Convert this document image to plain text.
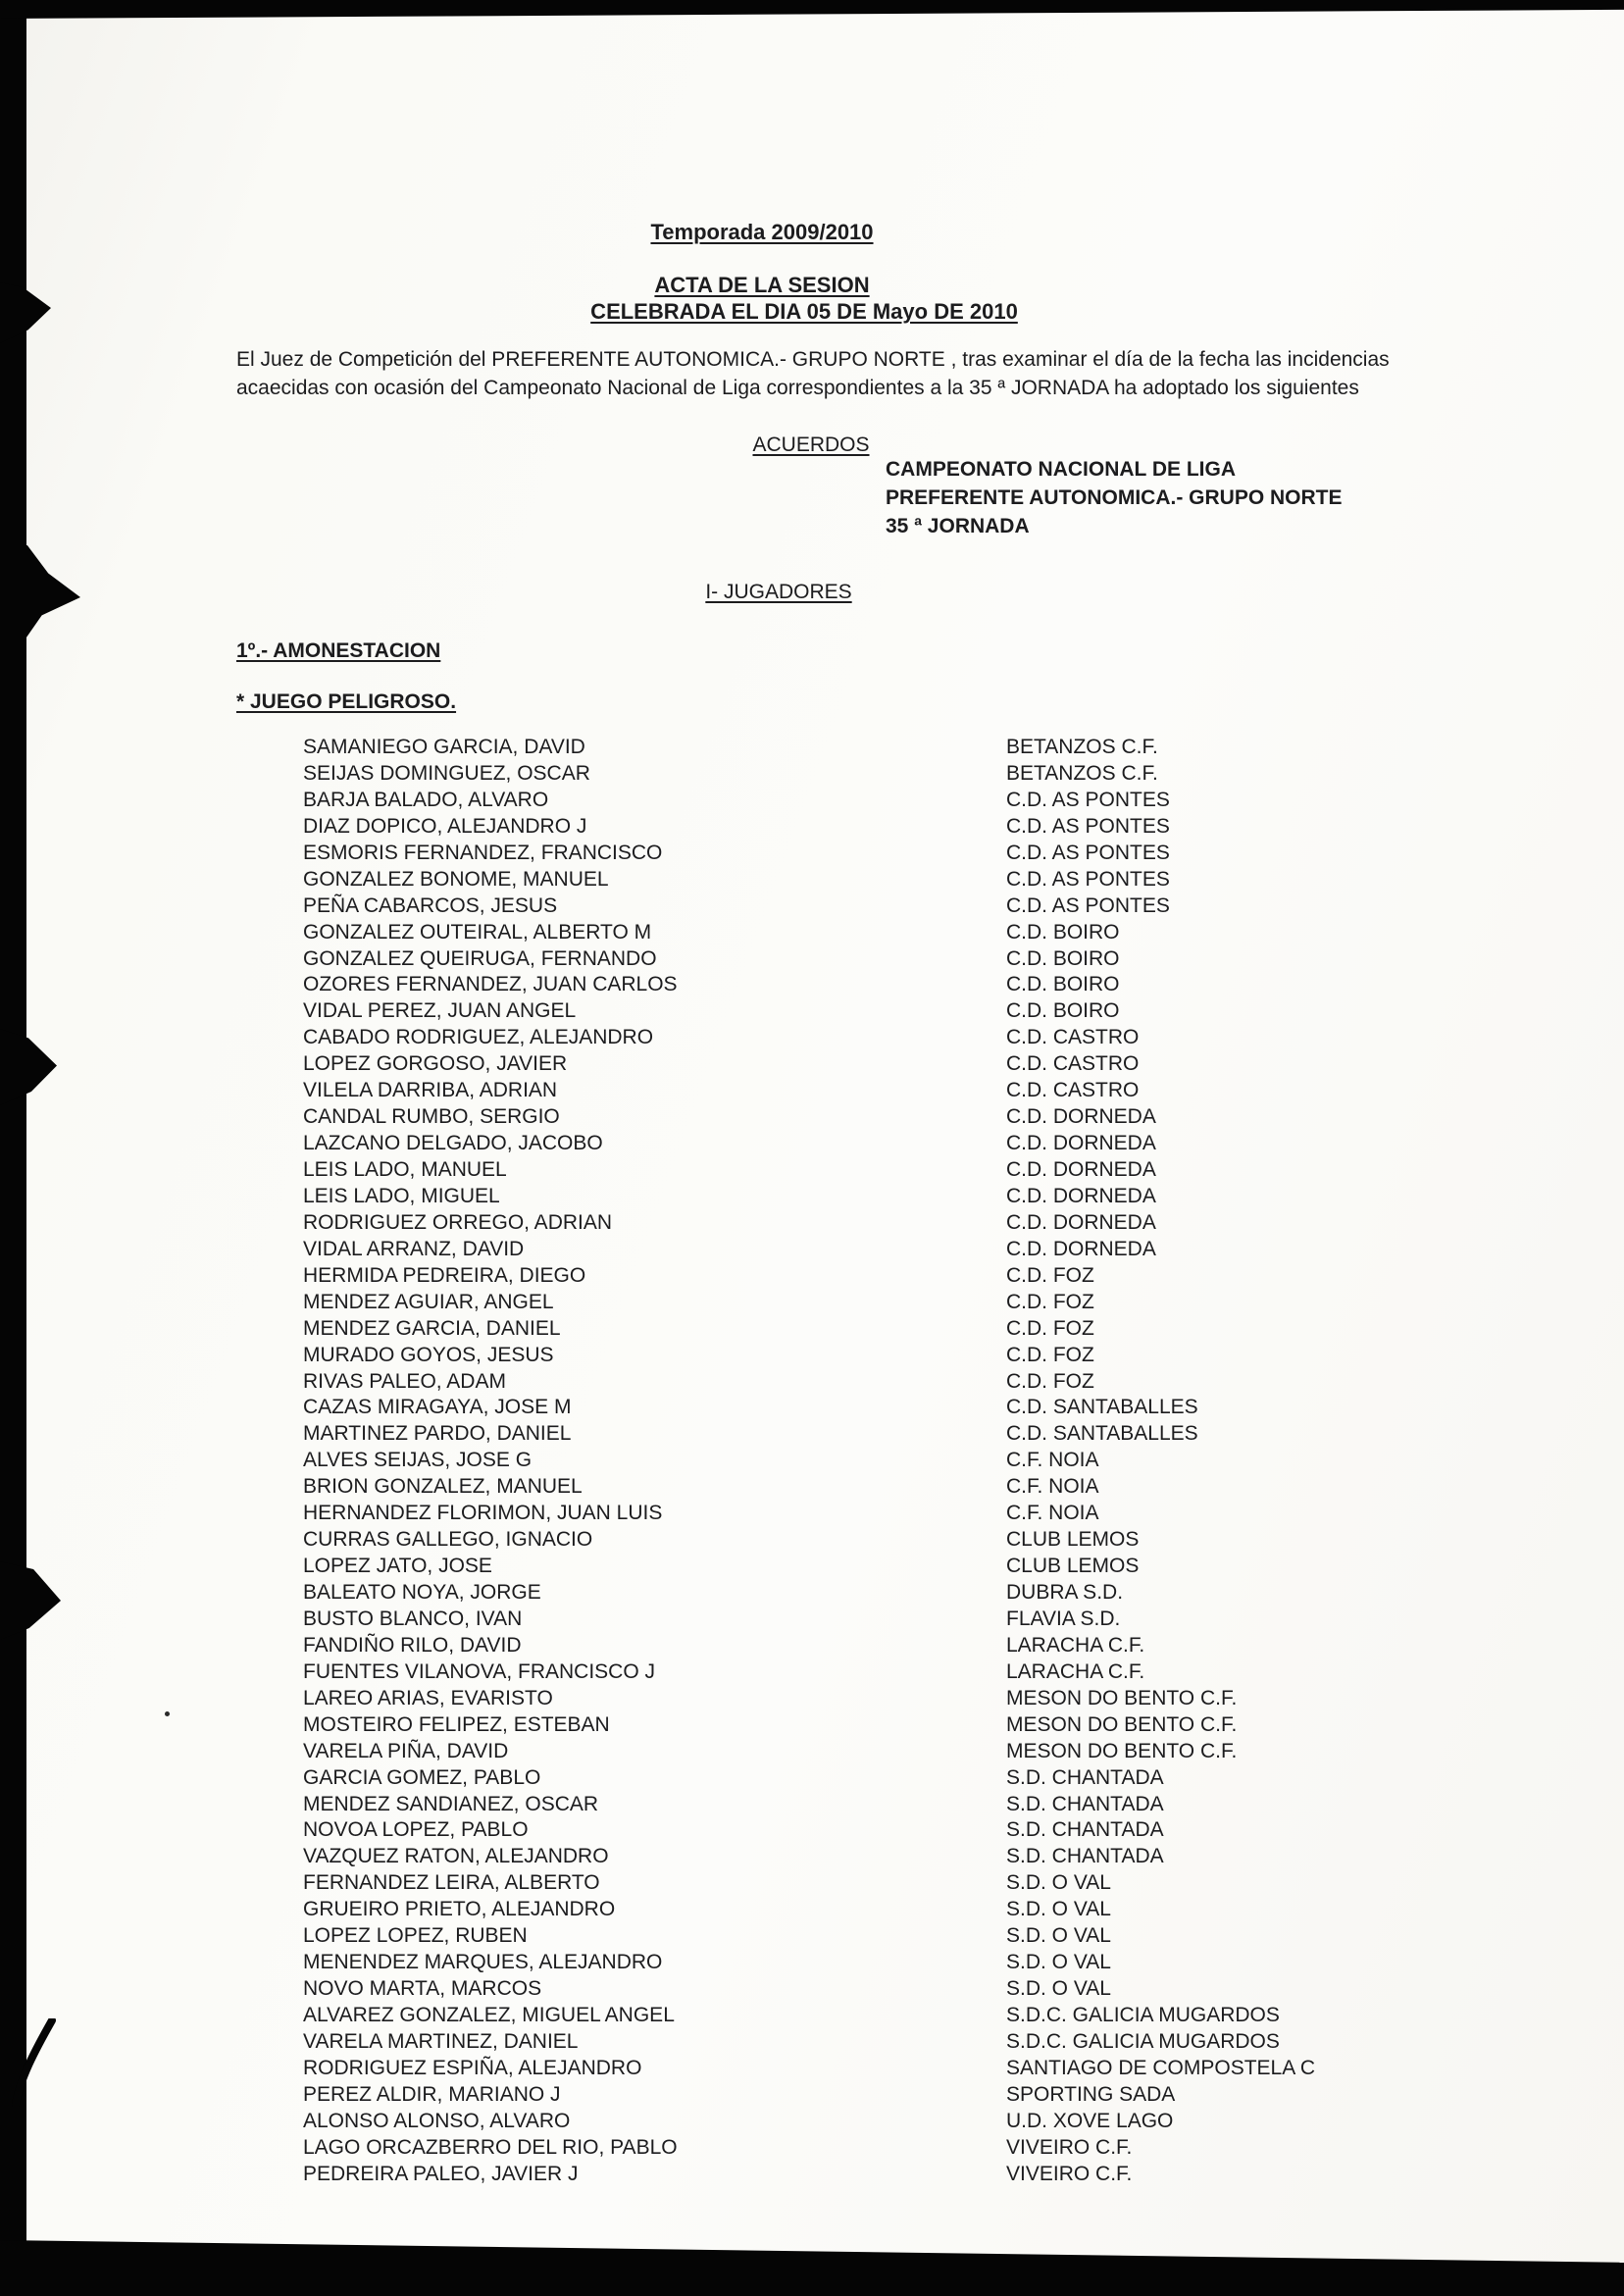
Temporada 2009/2010
ACTA DE LA SESION
CELEBRADA EL DIA 05 DE Mayo DE 2010
El Juez de Competición del PREFERENTE AUTONOMICA.- GRUPO NORTE , tras examinar el día de la fecha las incidencias
acaecidas con ocasión del Campeonato Nacional de Liga correspondientes a la 35 ª JORNADA ha adoptado los siguientes
ACUERDOS
CAMPEONATO NACIONAL DE LIGA
PREFERENTE AUTONOMICA.- GRUPO NORTE
35 ª JORNADA
I- JUGADORES
1º.- AMONESTACION
* JUEGO PELIGROSO.
SAMANIEGO GARCIA, DAVID	BETANZOS C.F.
SEIJAS DOMINGUEZ, OSCAR	BETANZOS C.F.
BARJA BALADO, ALVARO	C.D. AS PONTES
DIAZ DOPICO, ALEJANDRO J	C.D. AS PONTES
ESMORIS FERNANDEZ, FRANCISCO	C.D. AS PONTES
GONZALEZ BONOME, MANUEL	C.D. AS PONTES
PEÑA CABARCOS, JESUS	C.D. AS PONTES
GONZALEZ OUTEIRAL, ALBERTO M	C.D. BOIRO
GONZALEZ QUEIRUGA, FERNANDO	C.D. BOIRO
OZORES FERNANDEZ, JUAN CARLOS	C.D. BOIRO
VIDAL PEREZ, JUAN ANGEL	C.D. BOIRO
CABADO RODRIGUEZ, ALEJANDRO	C.D. CASTRO
LOPEZ GORGOSO, JAVIER	C.D. CASTRO
VILELA DARRIBA, ADRIAN	C.D. CASTRO
CANDAL RUMBO, SERGIO	C.D. DORNEDA
LAZCANO DELGADO, JACOBO	C.D. DORNEDA
LEIS LADO, MANUEL	C.D. DORNEDA
LEIS LADO, MIGUEL	C.D. DORNEDA
RODRIGUEZ ORREGO, ADRIAN	C.D. DORNEDA
VIDAL ARRANZ, DAVID	C.D. DORNEDA
HERMIDA PEDREIRA, DIEGO	C.D. FOZ
MENDEZ AGUIAR, ANGEL	C.D. FOZ
MENDEZ GARCIA, DANIEL	C.D. FOZ
MURADO GOYOS, JESUS	C.D. FOZ
RIVAS PALEO, ADAM	C.D. FOZ
CAZAS MIRAGAYA, JOSE M	C.D. SANTABALLES
MARTINEZ PARDO, DANIEL	C.D. SANTABALLES
ALVES SEIJAS, JOSE G	C.F. NOIA
BRION GONZALEZ, MANUEL	C.F. NOIA
HERNANDEZ FLORIMON, JUAN LUIS	C.F. NOIA
CURRAS GALLEGO, IGNACIO	CLUB LEMOS
LOPEZ JATO, JOSE	CLUB LEMOS
BALEATO NOYA, JORGE	DUBRA S.D.
BUSTO BLANCO, IVAN	FLAVIA S.D.
FANDIÑO RILO, DAVID	LARACHA C.F.
FUENTES VILANOVA, FRANCISCO J	LARACHA C.F.
LAREO ARIAS, EVARISTO	MESON DO BENTO C.F.
MOSTEIRO FELIPEZ, ESTEBAN	MESON DO BENTO C.F.
VARELA PIÑA, DAVID	MESON DO BENTO C.F.
GARCIA GOMEZ, PABLO	S.D. CHANTADA
MENDEZ SANDIANEZ, OSCAR	S.D. CHANTADA
NOVOA LOPEZ, PABLO	S.D. CHANTADA
VAZQUEZ RATON, ALEJANDRO	S.D. CHANTADA
FERNANDEZ LEIRA, ALBERTO	S.D. O VAL
GRUEIRO PRIETO, ALEJANDRO	S.D. O VAL
LOPEZ LOPEZ, RUBEN	S.D. O VAL
MENENDEZ MARQUES, ALEJANDRO	S.D. O VAL
NOVO MARTA, MARCOS	S.D. O VAL
ALVAREZ GONZALEZ, MIGUEL ANGEL	S.D.C. GALICIA MUGARDOS
VARELA MARTINEZ, DANIEL	S.D.C. GALICIA MUGARDOS
RODRIGUEZ ESPIÑA, ALEJANDRO	SANTIAGO DE COMPOSTELA C
PEREZ ALDIR, MARIANO J	SPORTING SADA
ALONSO ALONSO, ALVARO	U.D. XOVE LAGO
LAGO ORCAZBERRO DEL RIO, PABLO	VIVEIRO C.F.
PEDREIRA PALEO, JAVIER J	VIVEIRO C.F.
